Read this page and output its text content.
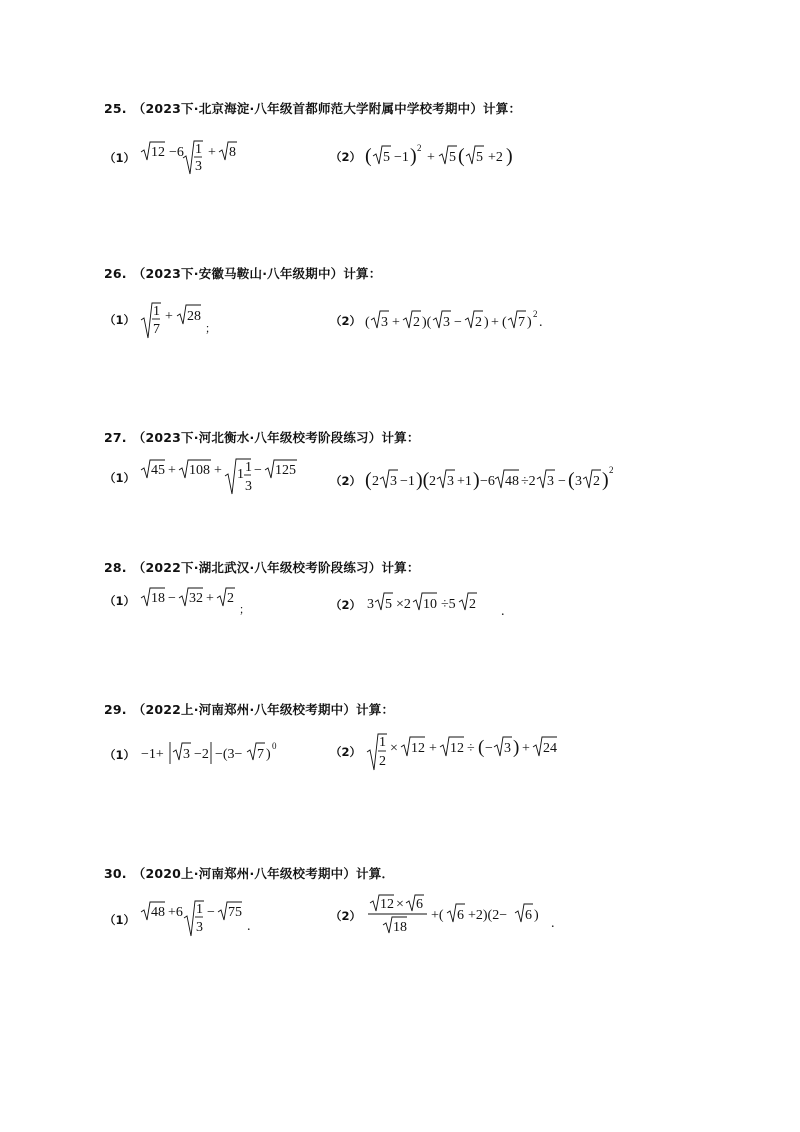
25. （2023下·北京海淀·八年级首都师范大学附属中学校考期中）计算：
（1） 12 −6 1
3
+ 8	（2） ( 5 −1 ) 2
+ 5 ( 5 +2 )
26. （2023下·安徽马鞍山·八年级期中）计算：
（1）
1
7
+ 28
；
（2） ( 3 + 2 )( 3 − 2 ) + ( 7 )
2
.
27. （2023下·河北衡水·八年级校考阶段练习）计算：
（1） 45 + 108 + 1 1
3
− 125
（2） ( 2 3 −1 )( 2 3 +1 ) −6 48 ÷2 3 − ( 3 2 ) 2
28. （2022下·湖北武汉·八年级校考阶段练习）计算：
（1） 18 − 32 + 2
；	（2） 3 5 ×2 10 ÷5 2 .
29. （2022上·河南郑州·八年级校考期中）计算：
（1） −1+ 3 −2 −(3− 7 )
0	（2）
1
2
× 12 + 12 ÷ ( − 3 ) + 24
30. （2020上·河南郑州·八年级校考期中）计算．
（1） 48 +6 1
3
− 75
.
（2）
12 × 6
18
+( 6 +2)(2− 6 )
.
